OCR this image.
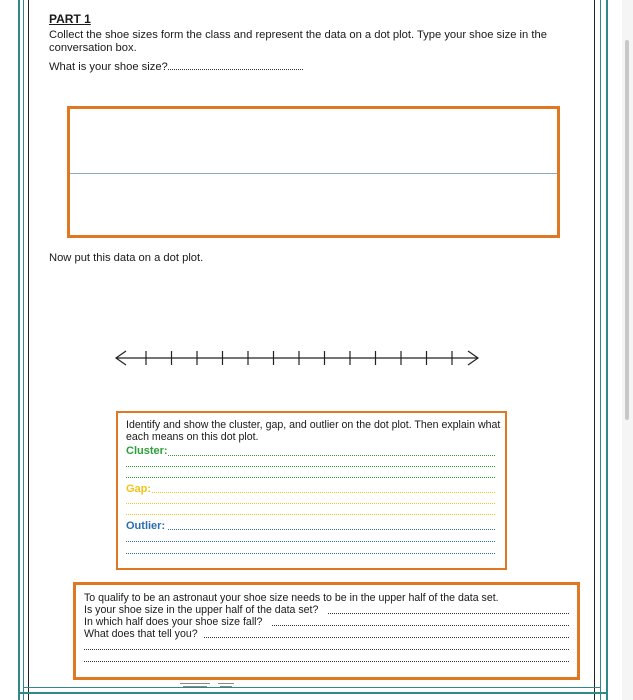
PART 1
Collect the shoe sizes form the class and represent the data on a dot plot. Type your shoe size in the conversation box.
What is your shoe size?
Now put this data on a dot plot.
Identify and show the cluster, gap, and outlier on the dot plot. Then explain what each means on this dot plot.
Cluster:
Gap:
Outlier:
To qualify to be an astronaut your shoe size needs to be in the upper half of the data set.
Is your shoe size in the upper half of the data set?
In which half does your shoe size fall?
What does that tell you?
